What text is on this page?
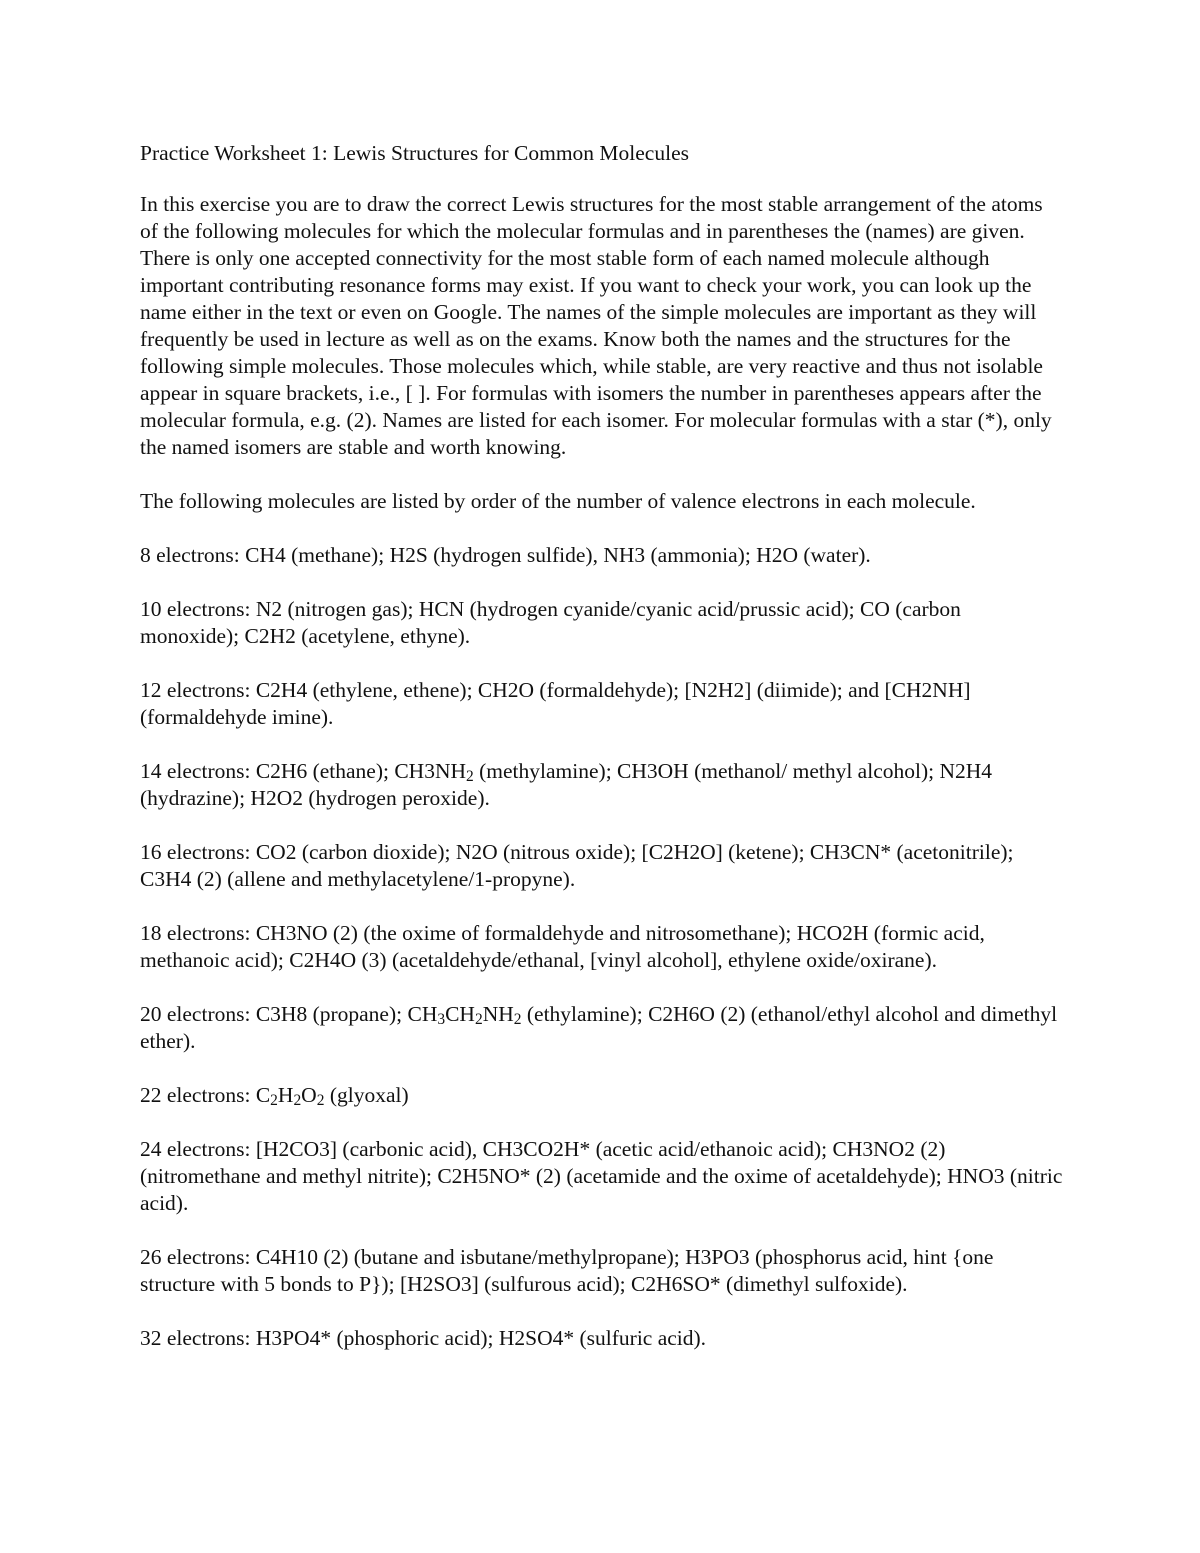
Practice Worksheet 1: Lewis Structures for Common Molecules
In this exercise you are to draw the correct Lewis structures for the most stable arrangement of the atoms of the following molecules for which the molecular formulas and in parentheses the (names) are given. There is only one accepted connectivity for the most stable form of each named molecule although important contributing resonance forms may exist. If you want to check your work, you can look up the name either in the text or even on Google. The names of the simple molecules are important as they will frequently be used in lecture as well as on the exams. Know both the names and the structures for the following simple molecules. Those molecules which, while stable, are very reactive and thus not isolable appear in square brackets, i.e., [ ]. For formulas with isomers the number in parentheses appears after the molecular formula, e.g. (2). Names are listed for each isomer. For molecular formulas with a star (*), only the named isomers are stable and worth knowing.
The following molecules are listed by order of the number of valence electrons in each molecule.
8 electrons: CH4 (methane); H2S (hydrogen sulfide), NH3 (ammonia); H2O (water).
10 electrons: N2 (nitrogen gas); HCN (hydrogen cyanide/cyanic acid/prussic acid); CO (carbon monoxide); C2H2 (acetylene, ethyne).
12 electrons: C2H4 (ethylene, ethene); CH2O (formaldehyde); [N2H2] (diimide); and [CH2NH] (formaldehyde imine).
14 electrons: C2H6 (ethane); $CH3NH_2$ (methylamine); CH3OH (methanol/ methyl alcohol); N2H4 (hydrazine); H2O2 (hydrogen peroxide).
16 electrons: CO2 (carbon dioxide); N2O (nitrous oxide); [C2H2O] (ketene); CH3CN* (acetonitrile); C3H4 (2) (allene and methylacetylene/1-propyne).
18 electrons: CH3NO (2) (the oxime of formaldehyde and nitrosomethane); HCO2H (formic acid, methanoic acid); C2H4O (3) (acetaldehyde/ethanal, [vinyl alcohol], ethylene oxide/oxirane).
20 electrons: C3H8 (propane); $CH_3CH_2NH_2$ (ethylamine); C2H6O (2) (ethanol/ethyl alcohol and dimethyl ether).
22 electrons: $C_2H_2O_2$ (glyoxal)
24 electrons: [H2CO3] (carbonic acid), CH3CO2H* (acetic acid/ethanoic acid); CH3NO2 (2) (nitromethane and methyl nitrite); C2H5NO* (2) (acetamide and the oxime of acetaldehyde); HNO3 (nitric acid).
26 electrons: C4H10 (2) (butane and isbutane/methylpropane); H3PO3 (phosphorus acid, hint {one structure with 5 bonds to P}); [H2SO3] (sulfurous acid); C2H6SO* (dimethyl sulfoxide).
32 electrons: H3PO4* (phosphoric acid); H2SO4* (sulfuric acid).
